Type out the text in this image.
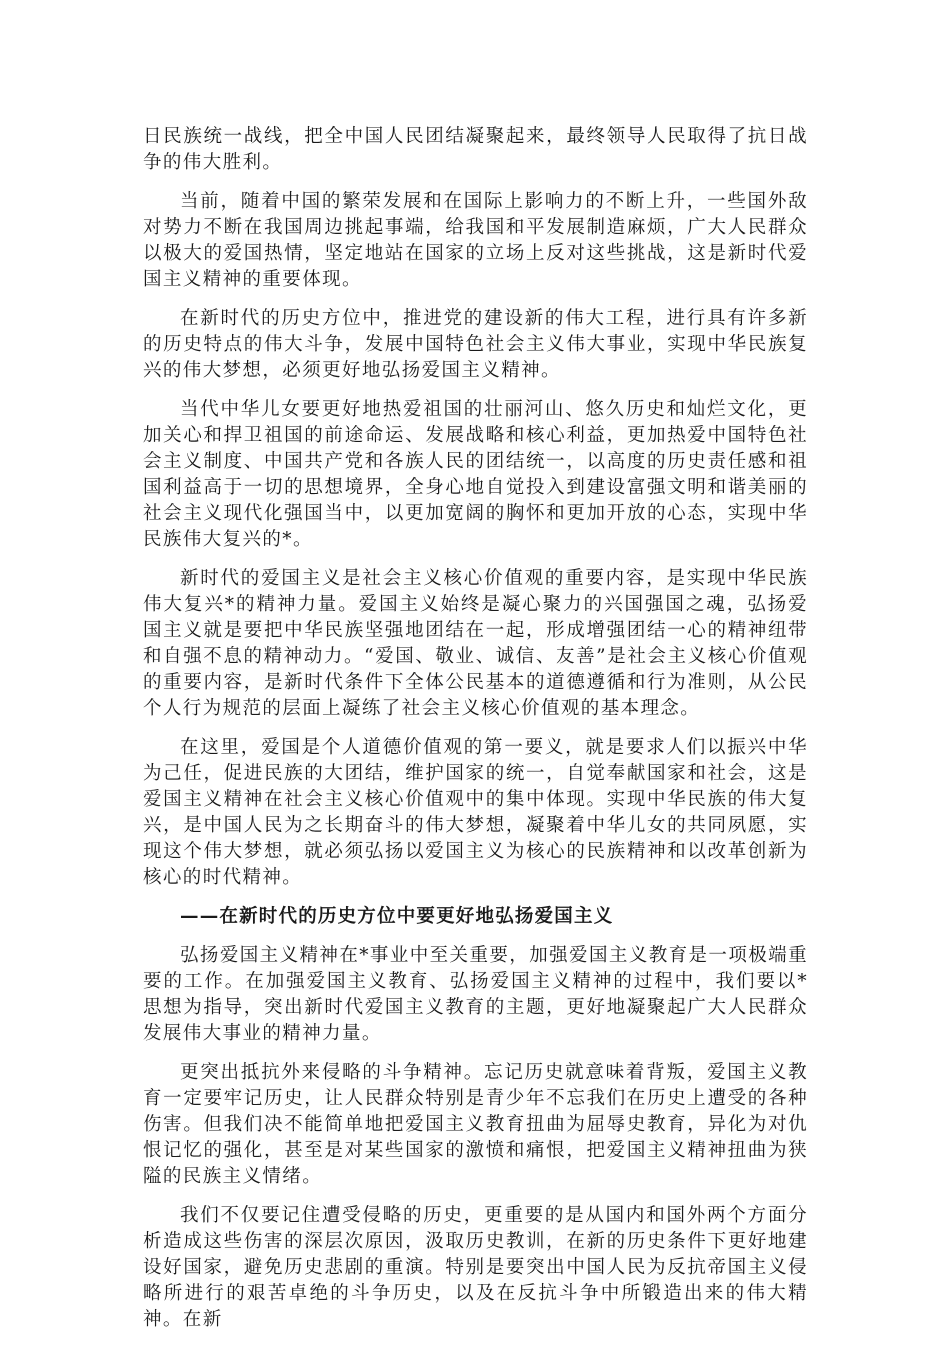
日民族统一战线，把全中国人民团结凝聚起来，最终领导人民取得了抗日战争的伟大胜利。

当前，随着中国的繁荣发展和在国际上影响力的不断上升，一些国外敌对势力不断在我国周边挑起事端，给我国和平发展制造麻烦，广大人民群众以极大的爱国热情，坚定地站在国家的立场上反对这些挑战，这是新时代爱国主义精神的重要体现。

在新时代的历史方位中，推进党的建设新的伟大工程，进行具有许多新的历史特点的伟大斗争，发展中国特色社会主义伟大事业，实现中华民族复兴的伟大梦想，必须更好地弘扬爱国主义精神。

当代中华儿女要更好地热爱祖国的壮丽河山、悠久历史和灿烂文化，更加关心和捍卫祖国的前途命运、发展战略和核心利益，更加热爱中国特色社会主义制度、中国共产党和各族人民的团结统一，以高度的历史责任感和祖国利益高于一切的思想境界，全身心地自觉投入到建设富强文明和谐美丽的社会主义现代化强国当中，以更加宽阔的胸怀和更加开放的心态，实现中华民族伟大复兴的*。

新时代的爱国主义是社会主义核心价值观的重要内容，是实现中华民族伟大复兴*的精神力量。爱国主义始终是凝心聚力的兴国强国之魂，弘扬爱国主义就是要把中华民族坚强地团结在一起，形成增强团结一心的精神纽带和自强不息的精神动力。“爱国、敬业、诚信、友善”是社会主义核心价值观的重要内容，是新时代条件下全体公民基本的道德遵循和行为准则，从公民个人行为规范的层面上凝练了社会主义核心价值观的基本理念。

在这里，爱国是个人道德价值观的第一要义，就是要求人们以振兴中华为己任，促进民族的大团结，维护国家的统一，自觉奉献国家和社会，这是爱国主义精神在社会主义核心价值观中的集中体现。实现中华民族的伟大复兴，是中国人民为之长期奋斗的伟大梦想，凝聚着中华儿女的共同夙愿，实现这个伟大梦想，就必须弘扬以爱国主义为核心的民族精神和以改革创新为核心的时代精神。

——在新时代的历史方位中要更好地弘扬爱国主义

弘扬爱国主义精神在*事业中至关重要，加强爱国主义教育是一项极端重要的工作。在加强爱国主义教育、弘扬爱国主义精神的过程中，我们要以*思想为指导，突出新时代爱国主义教育的主题，更好地凝聚起广大人民群众发展伟大事业的精神力量。

更突出抵抗外来侵略的斗争精神。忘记历史就意味着背叛，爱国主义教育一定要牢记历史，让人民群众特别是青少年不忘我们在历史上遭受的各种伤害。但我们决不能简单地把爱国主义教育扭曲为屈辱史教育，异化为对仇恨记忆的强化，甚至是对某些国家的激愤和痛恨，把爱国主义精神扭曲为狭隘的民族主义情绪。

我们不仅要记住遭受侵略的历史，更重要的是从国内和国外两个方面分析造成这些伤害的深层次原因，汲取历史教训，在新的历史条件下更好地建设好国家，避免历史悲剧的重演。特别是要突出中国人民为反抗帝国主义侵略所进行的艰苦卓绝的斗争历史，以及在反抗斗争中所锻造出来的伟大精神。在新
